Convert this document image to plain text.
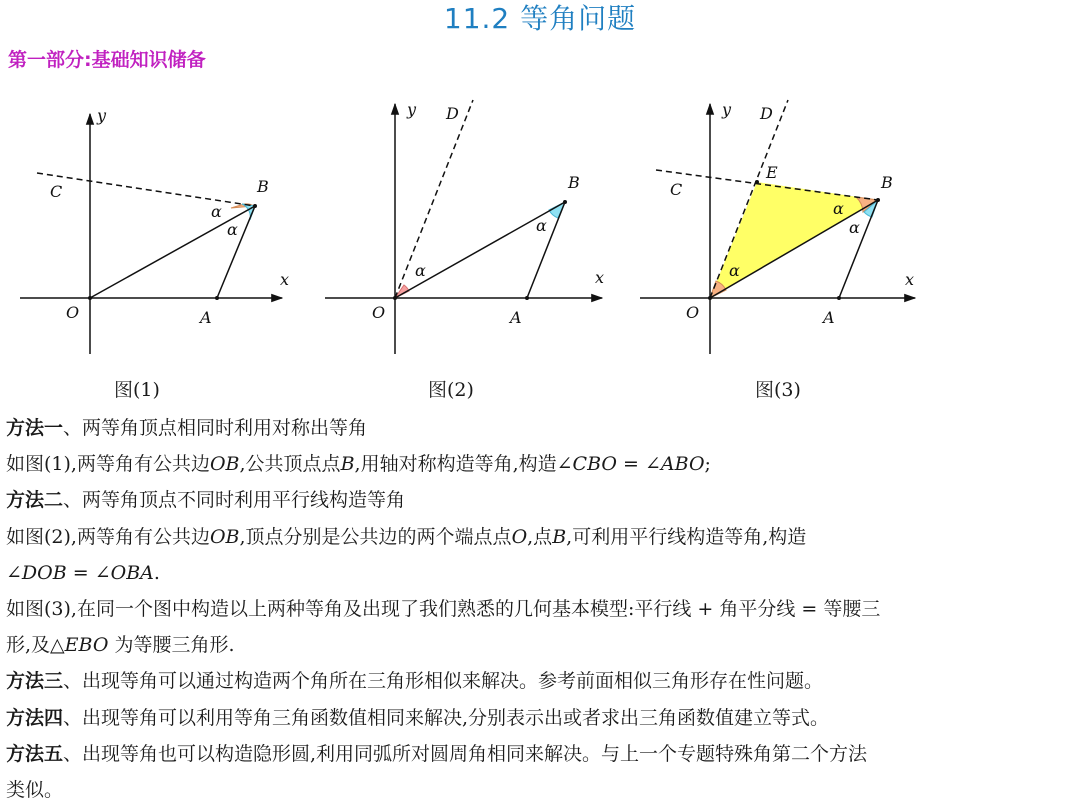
11.2 等角问题
第一部分:基础知识储备
y
x
O	A
B
C
α
α
y D
x
O	A
B
α
α
y D
E
x
O	A
B
C
α
α
α
图(1)	图(2)	图(3)

方法一、两等角顶点相同时利用对称出等角

如图(1),两等角有公共边OB,公共顶点点B,用轴对称构造等角,构造∠CBO = ∠ABO;

方法二、两等角顶点不同时利用平行线构造等角

如图(2),两等角有公共边OB,顶点分别是公共边的两个端点点O,点B,可利用平行线构造等角,构造
∠DOB = ∠OBA.

如图(3),在同一个图中构造以上两种等角及出现了我们熟悉的几何基本模型:平行线 + 角平分线 = 等腰三
形,及△EBO 为等腰三角形.

方法三、出现等角可以通过构造两个角所在三角形相似来解决。参考前面相似三角形存在性问题。

方法四、出现等角可以利用等角三角函数值相同来解决,分别表示出或者求出三角函数值建立等式。

方法五、出现等角也可以构造隐形圆,利用同弧所对圆周角相同来解决。与上一个专题特殊角第二个方法
类似。
